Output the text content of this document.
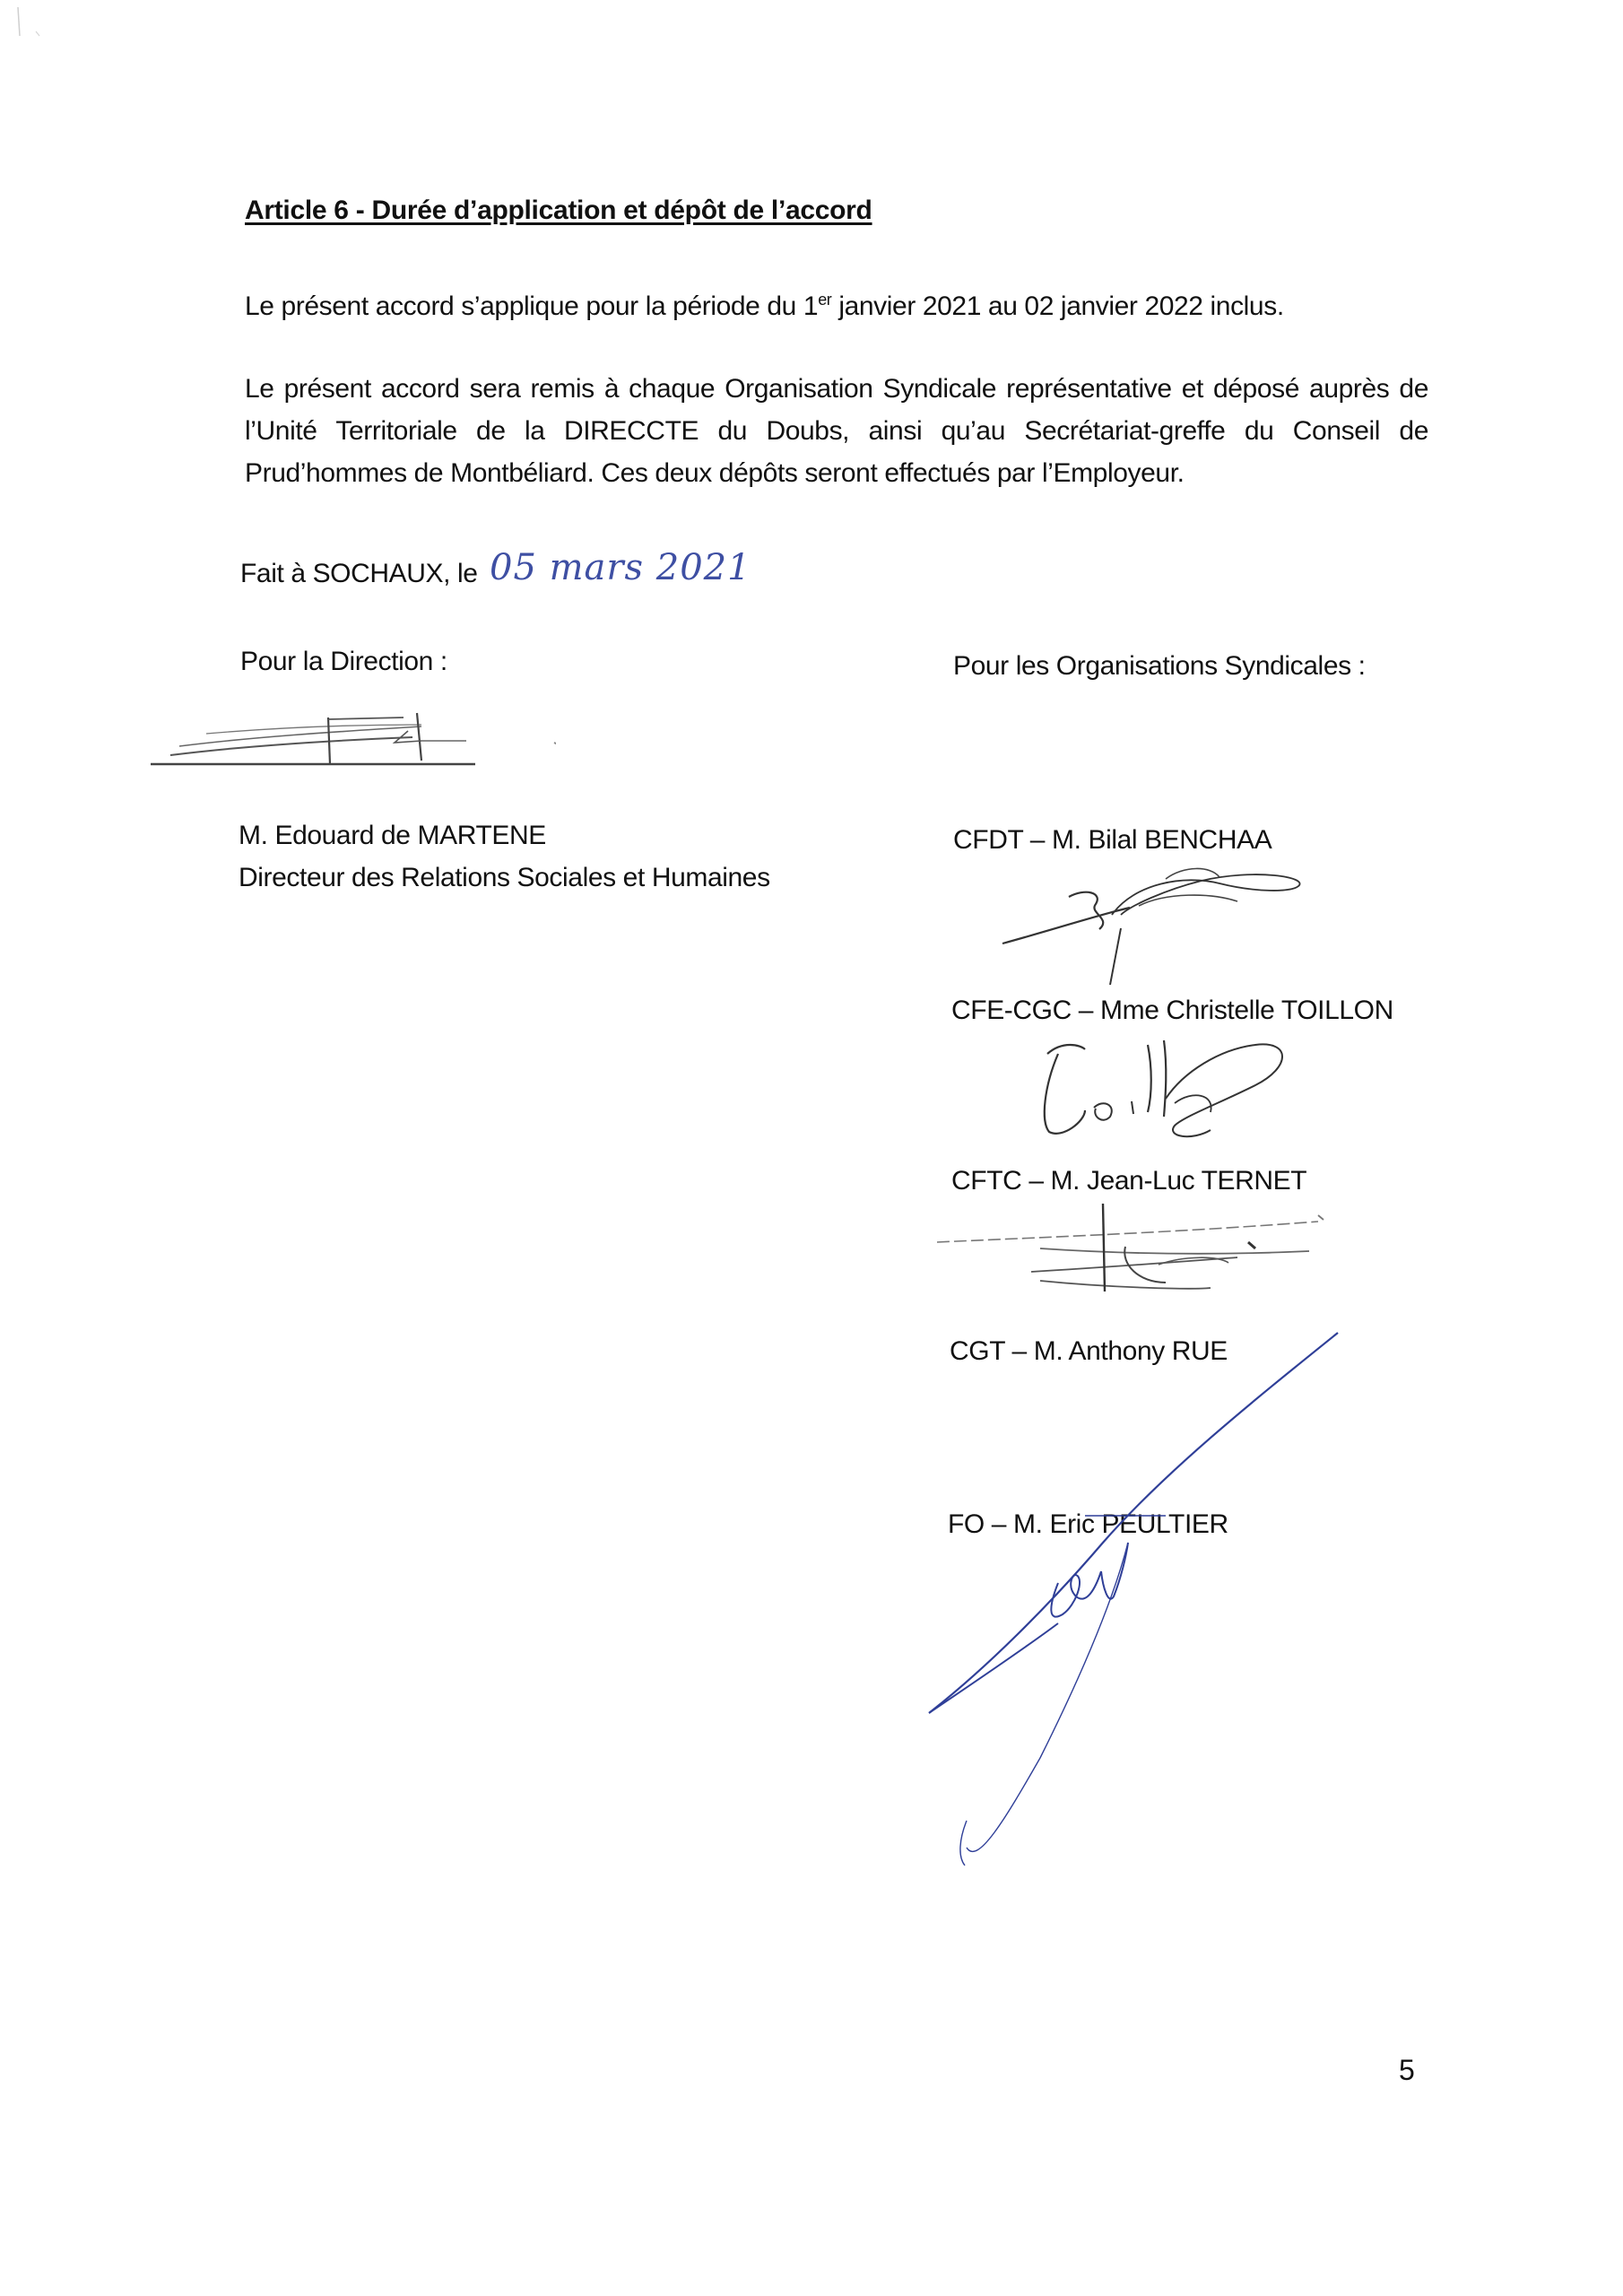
Article 6 - Durée d’application et dépôt de l’accord
Le présent accord s’applique pour la période du 1er janvier 2021 au 02 janvier 2022 inclus.
Le présent accord sera remis à chaque Organisation Syndicale représentative et déposé auprès de l’Unité Territoriale de la DIRECCTE du Doubs, ainsi qu’au Secrétariat-greffe du Conseil de Prud’hommes de Montbéliard. Ces deux dépôts seront effectués par l’Employeur.
Fait à SOCHAUX, le 05 mars 2021
Pour la Direction :	Pour les Organisations Syndicales :
M. Edouard de MARTENE
Directeur des Relations Sociales et Humaines
CFDT – M. Bilal BENCHAA
CFE-CGC – Mme Christelle TOILLON
CFTC – M. Jean-Luc TERNET
CGT – M. Anthony RUE
FO – M. Eric PEULTIER
5
